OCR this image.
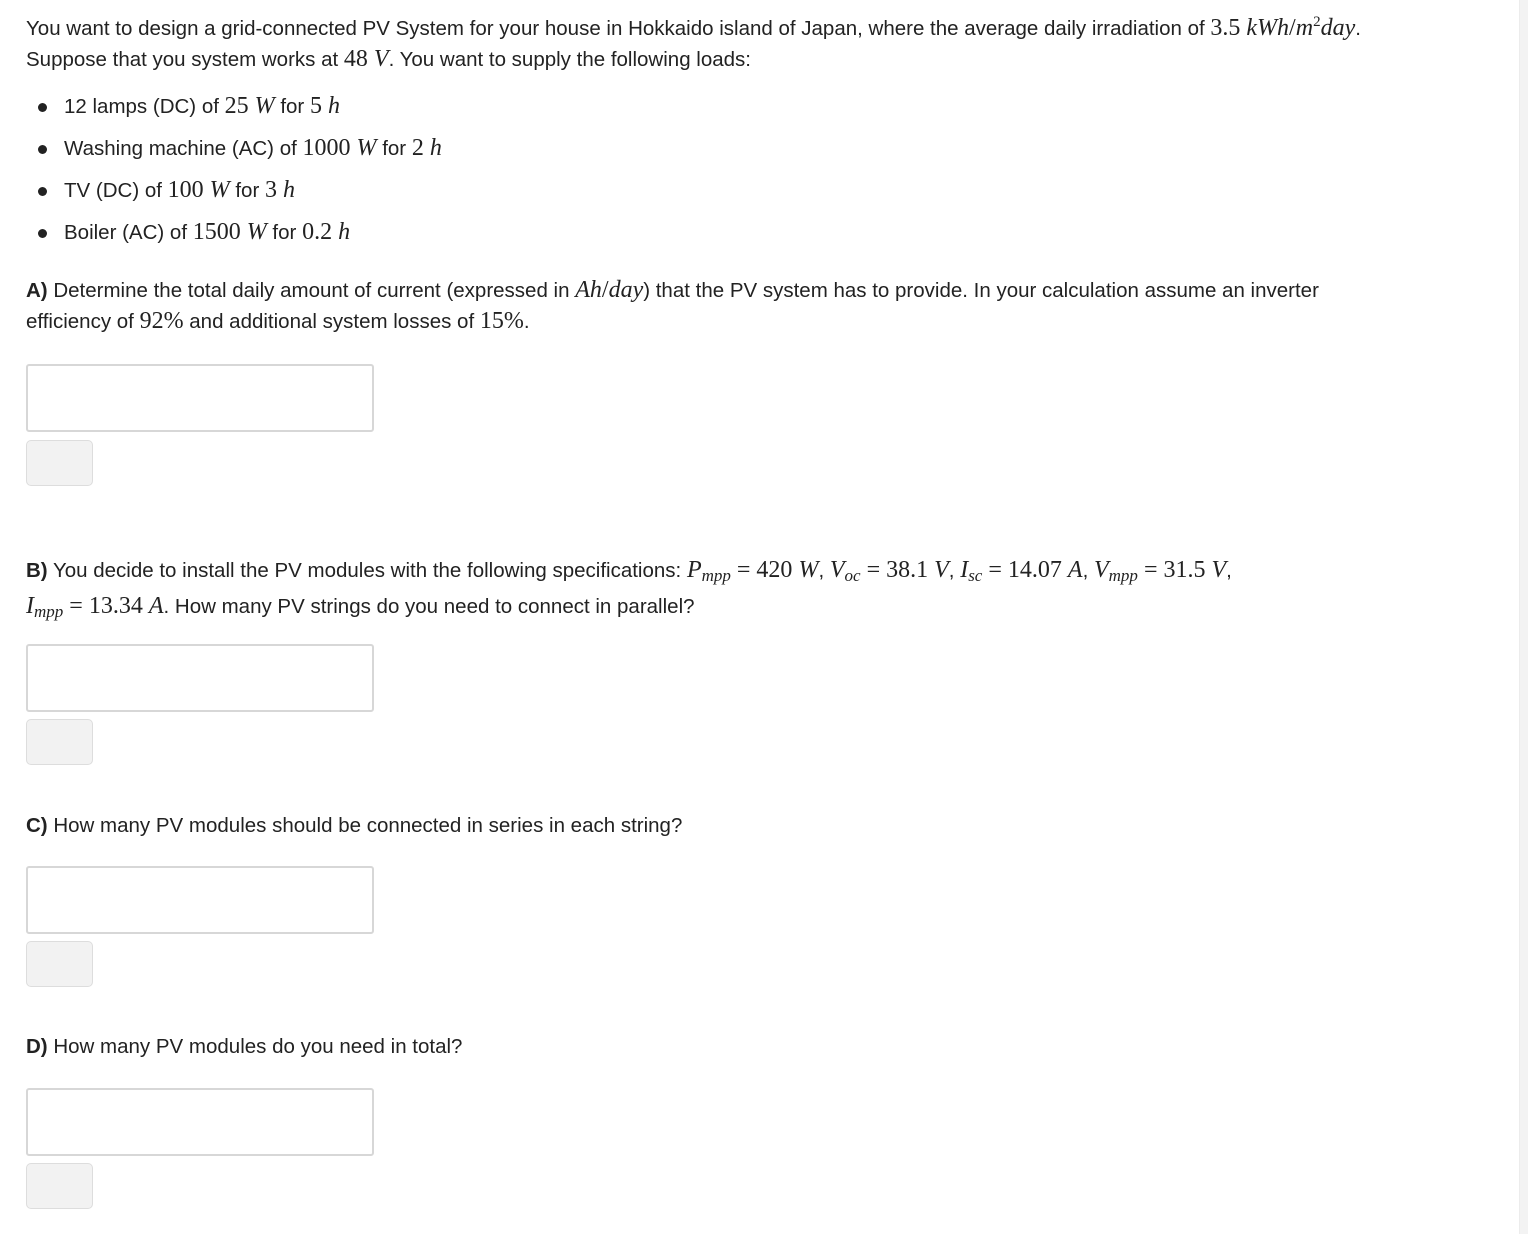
You want to design a grid-connected PV System for your house in Hokkaido island of Japan, where the average daily irradiation of 3.5 kWh/$m^2day$.

Suppose that you system works at 48 V. You want to supply the following loads:

12 lamps (DC) of 25 W for 5 h
Washing machine (AC) of 1000 W for 2 h
TV (DC) of 100 W for 3 h
Boiler (AC) of 1500 W for 0.2 h

A) Determine the total daily amount of current (expressed in Ah/day) that the PV system has to provide. In your calculation assume an inverter

efficiency of 92% and additional system losses of 15%.

B) You decide to install the PV modules with the following specifications: $P_{mpp} = 420$ W, $V_{oc} = 38.1$ V, $I_{sc} = 14.07$ A, $V_{mpp} = 31.5$ V,

$I_{mpp} = 13.34$ A. How many PV strings do you need to connect in parallel?

C) How many PV modules should be connected in series in each string?

D) How many PV modules do you need in total?
